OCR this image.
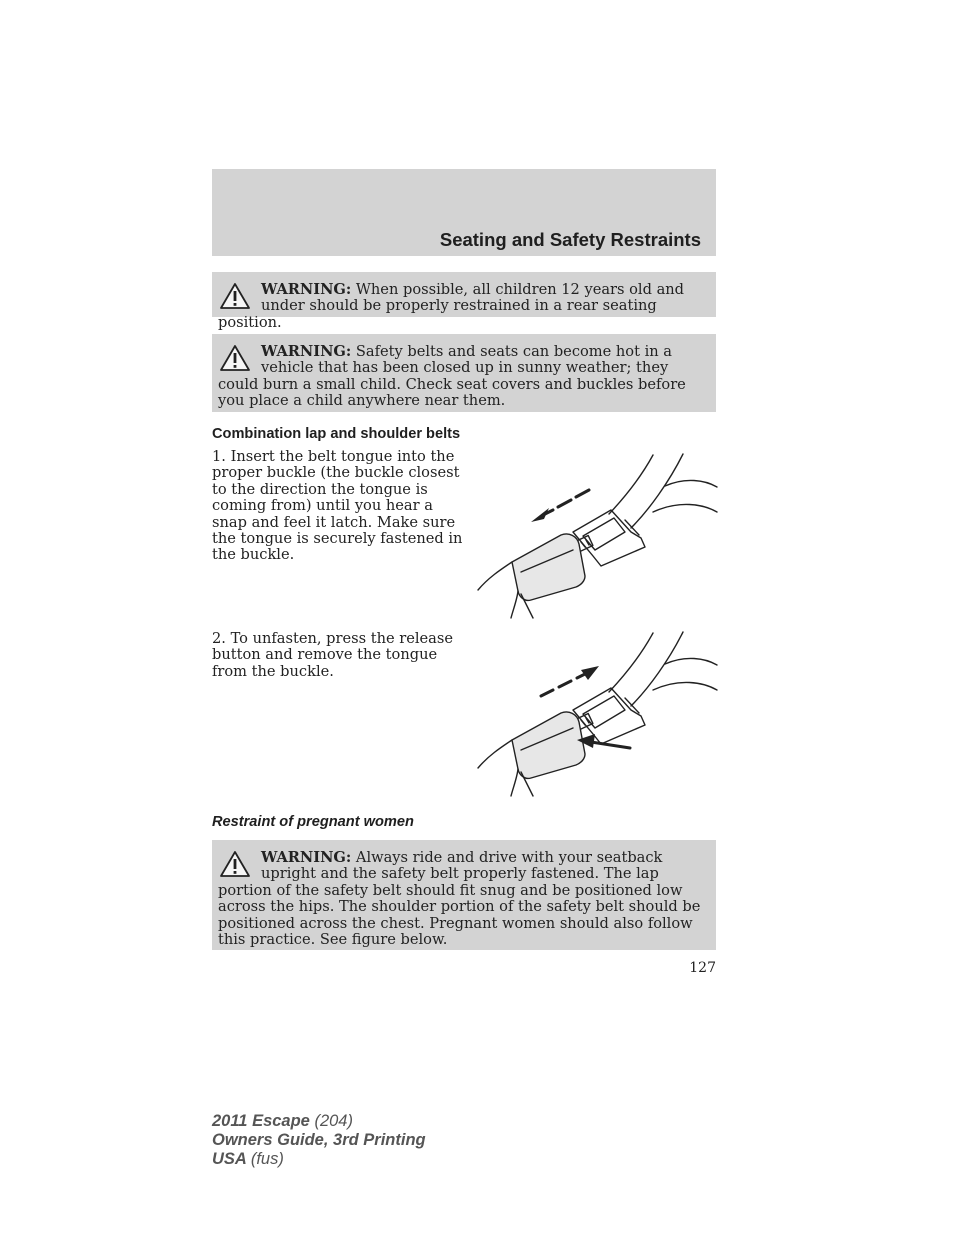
Seating and Safety Restraints
WARNING: When possible, all children 12 years old and under should be properly restrained in a rear seating position.
WARNING: Safety belts and seats can become hot in a vehicle that has been closed up in sunny weather; they could burn a small child. Check seat covers and buckles before you place a child anywhere near them.
Combination lap and shoulder belts
1. Insert the belt tongue into the proper buckle (the buckle closest to the direction the tongue is coming from) until you hear a snap and feel it latch. Make sure the tongue is securely fastened in the buckle.
2. To unfasten, press the release button and remove the tongue from the buckle.
Restraint of pregnant women
WARNING: Always ride and drive with your seatback upright and the safety belt properly fastened. The lap portion of the safety belt should fit snug and be positioned low across the hips. The shoulder portion of the safety belt should be positioned across the chest. Pregnant women should also follow this practice. See figure below.
127
2011 Escape (204)
Owners Guide, 3rd Printing
USA (fus)
